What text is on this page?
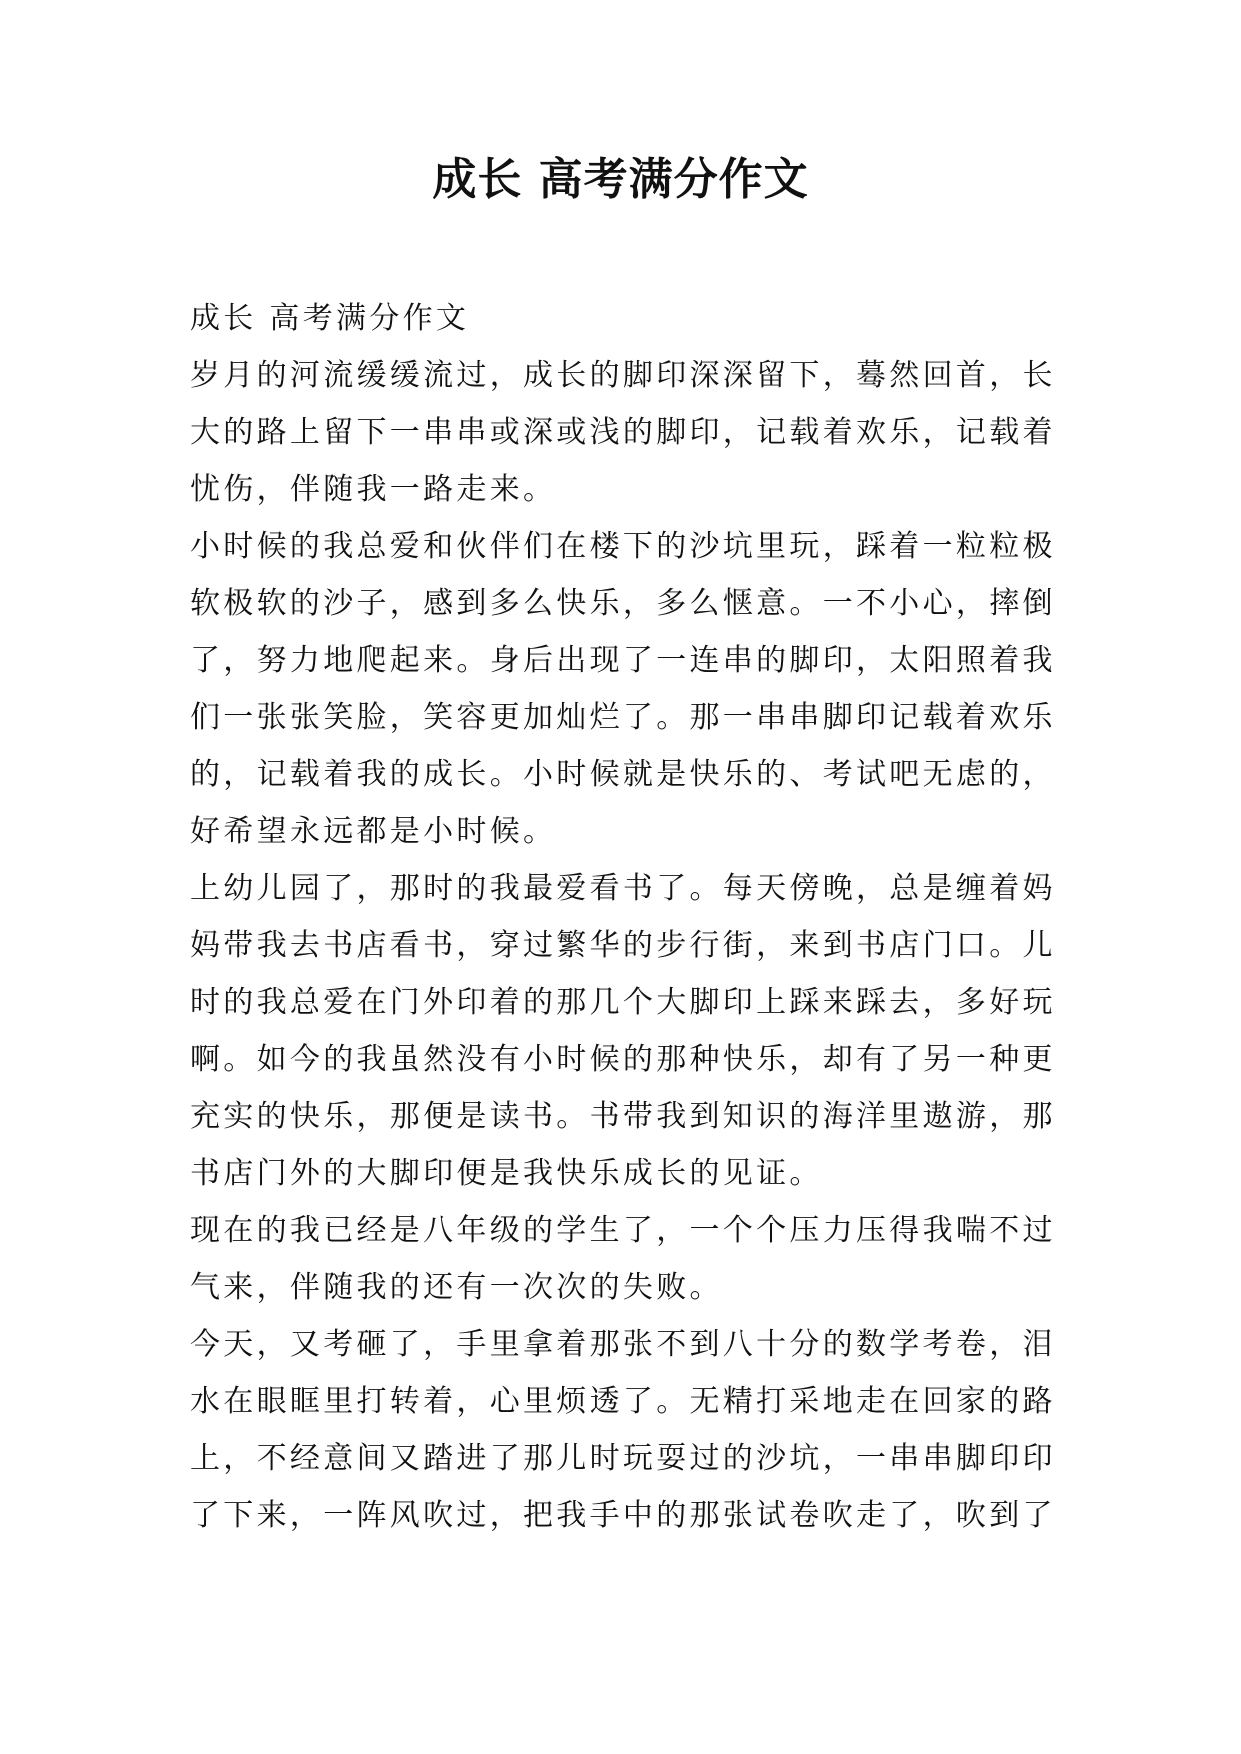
成长 高考满分作文
成长 高考满分作文
岁月的河流缓缓流过，成长的脚印深深留下，蓦然回首，长
大的路上留下一串串或深或浅的脚印，记载着欢乐，记载着
忧伤，伴随我一路走来。
小时候的我总爱和伙伴们在楼下的沙坑里玩，踩着一粒粒极
软极软的沙子，感到多么快乐，多么惬意。一不小心，摔倒
了，努力地爬起来。身后出现了一连串的脚印，太阳照着我
们一张张笑脸，笑容更加灿烂了。那一串串脚印记载着欢乐
的，记载着我的成长。小时候就是快乐的、考试吧无虑的，
好希望永远都是小时候。
上幼儿园了，那时的我最爱看书了。每天傍晚，总是缠着妈
妈带我去书店看书，穿过繁华的步行街，来到书店门口。儿
时的我总爱在门外印着的那几个大脚印上踩来踩去，多好玩
啊。如今的我虽然没有小时候的那种快乐，却有了另一种更
充实的快乐，那便是读书。书带我到知识的海洋里遨游，那
书店门外的大脚印便是我快乐成长的见证。
现在的我已经是八年级的学生了，一个个压力压得我喘不过
气来，伴随我的还有一次次的失败。
今天，又考砸了，手里拿着那张不到八十分的数学考卷，泪
水在眼眶里打转着，心里烦透了。无精打采地走在回家的路
上，不经意间又踏进了那儿时玩耍过的沙坑，一串串脚印印
了下来，一阵风吹过，把我手中的那张试卷吹走了，吹到了
